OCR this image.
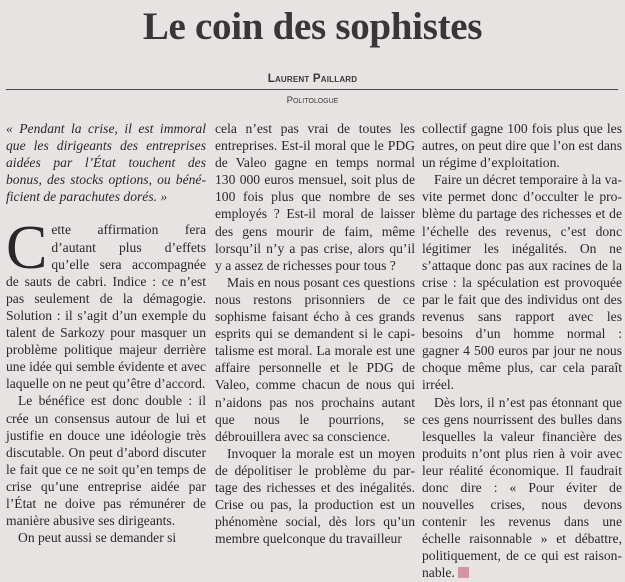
Le coin des sophistes
Laurent Paillard
Politologue

« Pendant la crise, il est immoral que les dirigeants des entreprises aidées par l’État touchent des bonus, des stocks options, ou bénéficient de parachutes dorés. »

Cette affirmation fera d’autant plus d’effets qu’elle sera accompagnée de sauts de cabri. Indice : ce n’est pas seulement de la démagogie. Solution : il s’agit d’un exemple du talent de Sarkozy pour masquer un problème politique majeur derrière une idée qui semble évidente et avec laquelle on ne peut qu’être d’accord.

Le bénéfice est donc double : il crée un consensus autour de lui et justifie en douce une idéologie très discutable. On peut d’abord discuter le fait que ce ne soit qu’en temps de crise qu’une entreprise aidée par l’État ne doive pas rémunérer de manière abusive ses dirigeants.

On peut aussi se demander si

cela n’est pas vrai de toutes les entreprises. Est-il moral que le PDG de Valeo gagne en temps normal 130 000 euros mensuel, soit plus de 100 fois plus que nombre de ses employés ? Est-il moral de laisser des gens mourir de faim, même lorsqu’il n’y a pas crise, alors qu’il y a assez de richesses pour tous ?

Mais en nous posant ces questions nous restons prisonniers de ce sophisme faisant écho à ces grands esprits qui se demandent si le capitalisme est moral. La morale est une affaire personnelle et le PDG de Valeo, comme chacun de nous qui n’aidons pas nos prochains autant que nous le pourrions, se débrouillera avec sa conscience.

Invoquer la morale est un moyen de dépolitiser le problème du partage des richesses et des inégalités. Crise ou pas, la production est un phénomène social, dès lors qu’un membre quelconque du travailleur

collectif gagne 100 fois plus que les autres, on peut dire que l’on est dans un régime d’exploitation.

Faire un décret temporaire à la va-vite permet donc d’occulter le problème du partage des richesses et de l’échelle des revenus, c’est donc légitimer les inégalités. On ne s’attaque donc pas aux racines de la crise : la spéculation est provoquée par le fait que des individus ont des revenus sans rapport avec les besoins d’un homme normal : gagner 4 500 euros par jour ne nous choque même plus, car cela paraît irréel.

Dès lors, il n’est pas étonnant que ces gens nourrissent des bulles dans lesquelles la valeur financière des produits n’ont plus rien à voir avec leur réalité économique. Il faudrait donc dire : « Pour éviter de nouvelles crises, nous devons contenir les revenus dans une échelle raisonnable » et débattre, politiquement, de ce qui est raisonnable.
